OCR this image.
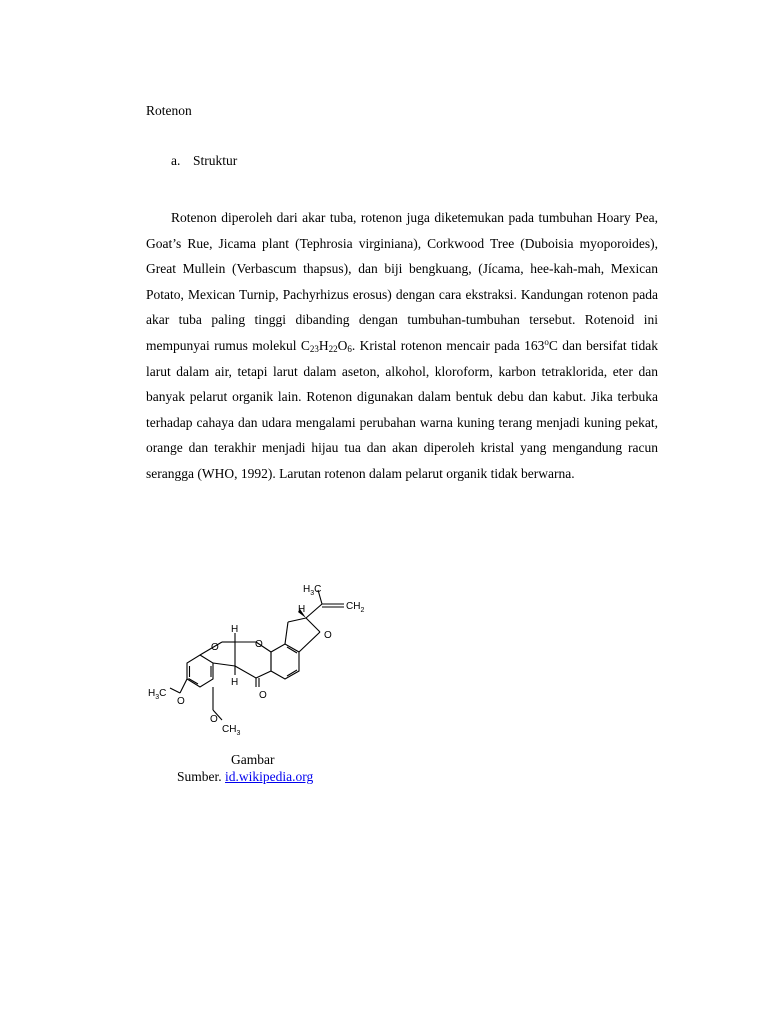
Rotenon
a. Struktur

Rotenon diperoleh dari akar tuba, rotenon juga diketemukan pada tumbuhan Hoary Pea, Goat’s Rue, Jicama plant (Tephrosia virginiana), Corkwood Tree (Duboisia myoporoides), Great Mullein (Verbascum thapsus), dan biji bengkuang, (Jícama, hee-kah-mah, Mexican Potato, Mexican Turnip, Pachyrhizus erosus) dengan cara ekstraksi. Kandungan rotenon pada akar tuba paling tinggi dibanding dengan tumbuhan-tumbuhan tersebut. Rotenoid ini mempunyai rumus molekul $C_{23}H_{22}O_6$. Kristal rotenon mencair pada 163$^o$C dan bersifat tidak larut dalam air, tetapi larut dalam aseton, alkohol, kloroform, karbon tetraklorida, eter dan banyak pelarut organik lain. Rotenon digunakan dalam bentuk debu dan kabut. Jika terbuka terhadap cahaya dan udara mengalami perubahan warna kuning terang menjadi kuning pekat, orange dan terakhir menjadi hijau tua dan akan diperoleh kristal yang mengandung racun serangga (WHO, 1992). Larutan rotenon dalam pelarut organik tidak berwarna.

O	O
O
O
H
H
H
$H_3C$
$CH_2$
$H_3C$
O
O
$CH_3$
Gambar
Sumber. id.wikipedia.org
